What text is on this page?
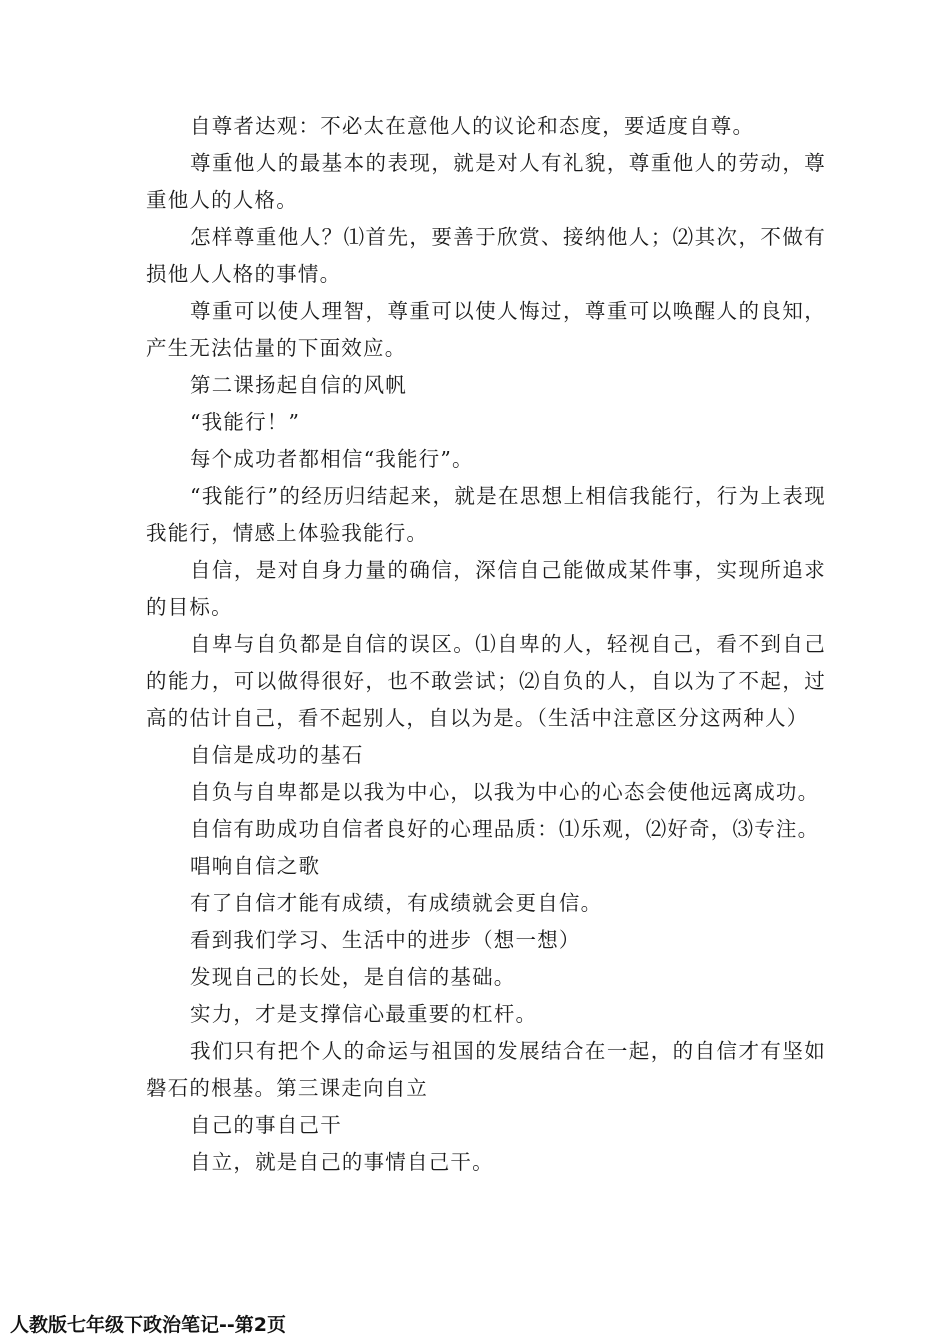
自尊者达观：不必太在意他人的议论和态度，要适度自尊。

尊重他人的最基本的表现，就是对人有礼貌，尊重他人的劳动，尊重他人的人格。

怎样尊重他人？⑴首先，要善于欣赏、接纳他人；⑵其次，不做有损他人人格的事情。

尊重可以使人理智，尊重可以使人悔过，尊重可以唤醒人的良知，产生无法估量的下面效应。

第二课扬起自信的风帆

“我能行！”

每个成功者都相信“我能行”。

“我能行”的经历归结起来，就是在思想上相信我能行，行为上表现我能行，情感上体验我能行。

自信，是对自身力量的确信，深信自己能做成某件事，实现所追求的目标。

自卑与自负都是自信的误区。⑴自卑的人，轻视自己，看不到自己的能力，可以做得很好，也不敢尝试；⑵自负的人，自以为了不起，过高的估计自己，看不起别人，自以为是。（生活中注意区分这两种人）

自信是成功的基石

自负与自卑都是以我为中心，以我为中心的心态会使他远离成功。

自信有助成功自信者良好的心理品质：⑴乐观，⑵好奇，⑶专注。

唱响自信之歌

有了自信才能有成绩，有成绩就会更自信。

看到我们学习、生活中的进步（想一想）

发现自己的长处，是自信的基础。

实力，才是支撑信心最重要的杠杆。

我们只有把个人的命运与祖国的发展结合在一起，的自信才有坚如磐石的根基。第三课走向自立

自己的事自己干

自立，就是自己的事情自己干。

人教版七年级下政治笔记--第2页
